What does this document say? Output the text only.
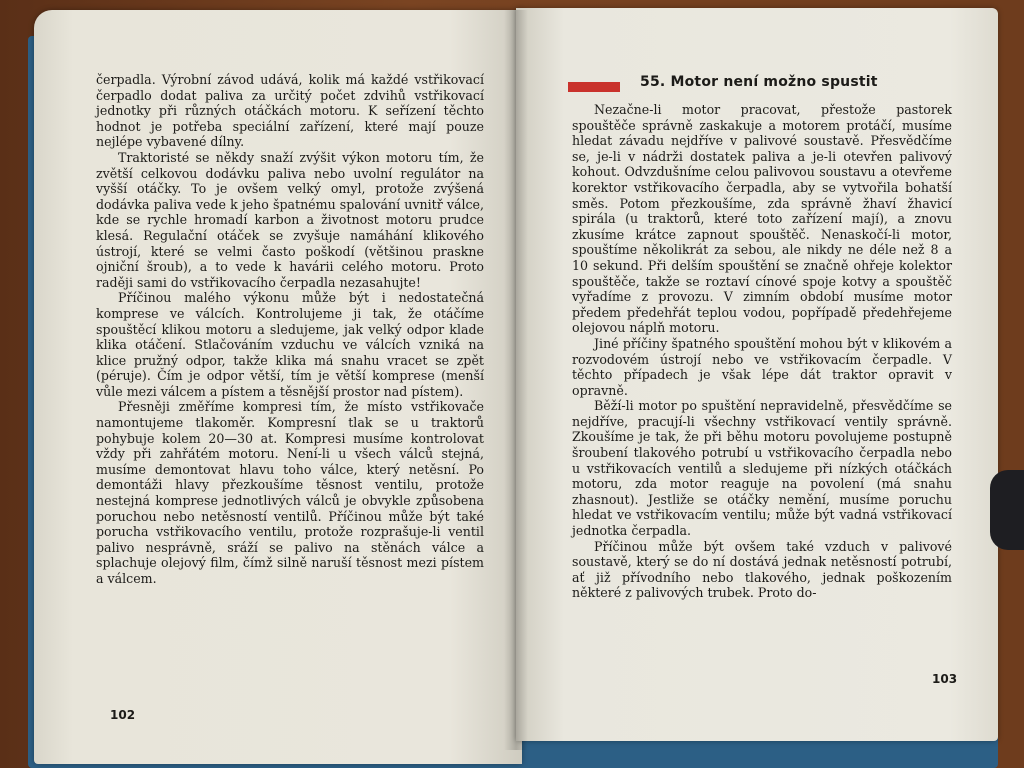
čerpadla. Výrobní závod udává, kolik má každé vstřikovací čerpadlo dodat paliva za určitý počet zdvihů vstřikovací jednotky při různých otáčkách motoru. K seřízení těchto hodnot je potřeba speciální zařízení, které mají pouze nejlépe vybavené dílny.

Traktoristé se někdy snaží zvýšit výkon motoru tím, že zvětší celkovou dodávku paliva nebo uvolní regulátor na vyšší otáčky. To je ovšem velký omyl, protože zvýšená dodávka paliva vede k jeho špatnému spalování uvnitř válce, kde se rychle hromadí karbon a životnost motoru prudce klesá. Regulační otáček se zvyšuje namáhání klikového ústrojí, které se velmi často poškodí (většinou praskne ojniční šroub), a to vede k havárii celého motoru. Proto raději sami do vstřikovacího čerpadla nezasahujte!

Příčinou malého výkonu může být i nedostatečná komprese ve válcích. Kontrolujeme ji tak, že otáčíme spouštěcí klikou motoru a sledujeme, jak velký odpor klade klika otáčení. Stlačováním vzduchu ve válcích vzniká na klice pružný odpor, takže klika má snahu vracet se zpět (péruje). Čím je odpor větší, tím je větší komprese (menší vůle mezi válcem a pístem a těsnější prostor nad pístem).

Přesněji změříme kompresi tím, že místo vstřikovače namontujeme tlakoměr. Kompresní tlak se u traktorů pohybuje kolem 20—30 at. Kompresi musíme kontrolovat vždy při zahřátém motoru. Není-li u všech válců stejná, musíme demontovat hlavu toho válce, který netěsní. Po demontáži hlavy přezkoušíme těsnost ventilu, protože nestejná komprese jednotlivých válců je obvykle způsobena poruchou nebo netěsností ventilů. Příčinou může být také porucha vstřikovacího ventilu, protože rozprašuje-li ventil palivo nesprávně, sráží se palivo na stěnách válce a splachuje olejový film, čímž silně naruší těsnost mezi pístem a válcem.

102
55. Motor není možno spustit

Nezačne-li motor pracovat, přestože pastorek spouštěče správně zaskakuje a motorem protáčí, musíme hledat závadu nejdříve v palivové soustavě. Přesvědčíme se, je-li v nádrži dostatek paliva a je-li otevřen palivový kohout. Odvzdušníme celou palivovou soustavu a otevřeme korektor vstřikovacího čerpadla, aby se vytvořila bohatší směs. Potom přezkoušíme, zda správně žhaví žhavicí spirála (u traktorů, které toto zařízení mají), a znovu zkusíme krátce zapnout spouštěč. Nenaskočí-li motor, spouštíme několikrát za sebou, ale nikdy ne déle než 8 a 10 sekund. Při delším spouštění se značně ohřeje kolektor spouštěče, takže se roztaví cínové spoje kotvy a spouštěč vyřadíme z provozu. V zimním období musíme motor předem předehřát teplou vodou, popřípadě předehřejeme olejovou náplň motoru.

Jiné příčiny špatného spouštění mohou být v klikovém a rozvodovém ústrojí nebo ve vstřikovacím čerpadle. V těchto případech je však lépe dát traktor opravit v opravně.

Běží-li motor po spuštění nepravidelně, přesvědčíme se nejdříve, pracují-li všechny vstřikovací ventily správně. Zkoušíme je tak, že při běhu motoru povolujeme postupně šroubení tlakového potrubí u vstřikovacího čerpadla nebo u vstřikovacích ventilů a sledujeme při nízkých otáčkách motoru, zda motor reaguje na povolení (má snahu zhasnout). Jestliže se otáčky nemění, musíme poruchu hledat ve vstřikovacím ventilu; může být vadná vstřikovací jednotka čerpadla.

Příčinou může být ovšem také vzduch v palivové soustavě, který se do ní dostává jednak netěsností potrubí, ať již přívodního nebo tlakového, jednak poškozením některé z palivových trubek. Proto do-

103
